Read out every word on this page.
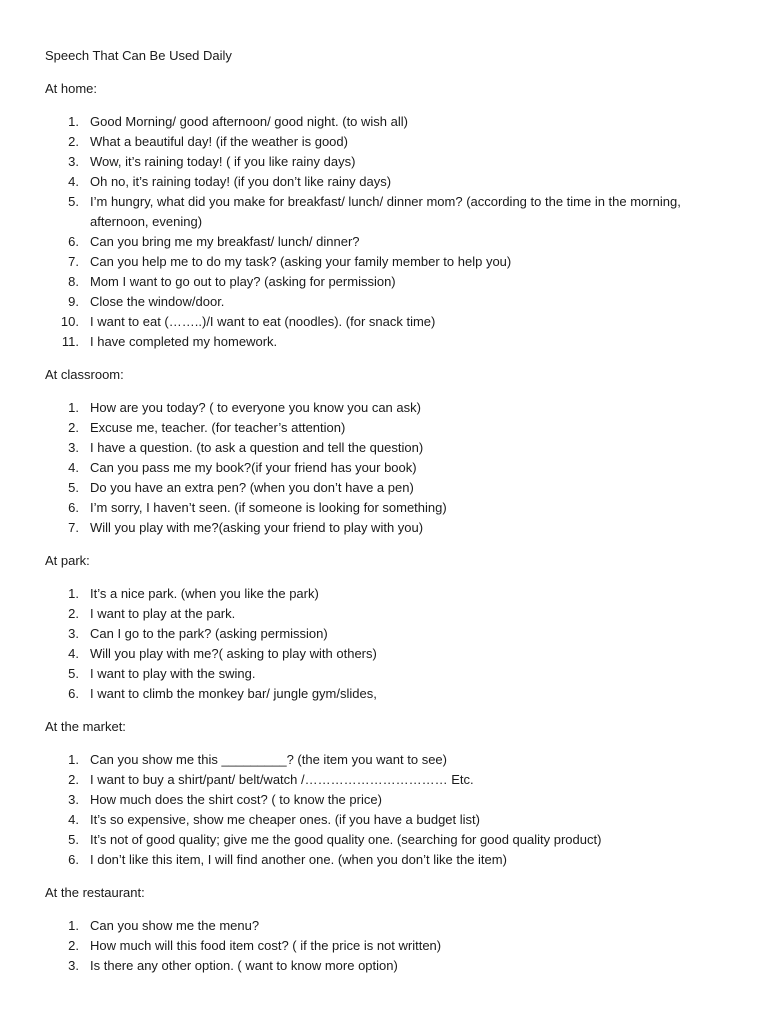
Speech That Can Be Used Daily
At home:
1. Good Morning/ good afternoon/ good night. (to wish all)
2. What a beautiful day! (if the weather is good)
3. Wow, it’s raining today! ( if you like rainy days)
4. Oh no, it’s raining today! (if you don’t like rainy days)
5. I’m hungry, what did you make for breakfast/ lunch/ dinner mom? (according to the time in the morning, afternoon, evening)
6. Can you bring me my breakfast/ lunch/ dinner?
7. Can you help me to do my task? (asking your family member to help you)
8. Mom I want to go out to play? (asking for permission)
9. Close the window/door.
10. I want to eat (……..)/I want to eat (noodles). (for snack time)
11. I have completed my homework.
At classroom:
1. How are you today? ( to everyone you know you can ask)
2. Excuse me, teacher. (for teacher’s attention)
3. I have a question. (to ask a question and tell the question)
4. Can you pass me my book?(if your friend has your book)
5. Do you have an extra pen? (when you don’t have a pen)
6. I’m sorry, I haven’t seen. (if someone is looking for something)
7. Will you play with me?(asking your friend to play with you)
At park:
1. It’s a nice park. (when you like the park)
2. I want to play at the park.
3. Can I go to the park? (asking permission)
4. Will you play with me?( asking to play with others)
5. I want to play with the swing.
6. I want to climb the monkey bar/ jungle gym/slides,
At the market:
1. Can you show me this _________? (the item you want to see)
2. I want to buy a shirt/pant/ belt/watch /…………………………… Etc.
3. How much does the shirt cost? ( to know the price)
4. It’s so expensive, show me cheaper ones. (if you have a budget list)
5. It’s not of good quality; give me the good quality one. (searching for good quality product)
6. I don’t like this item, I will find another one. (when you don’t like the item)
At the restaurant:
1. Can you show me the menu?
2. How much will this food item cost? ( if the price is not written)
3. Is there any other option. ( want to know more option)
